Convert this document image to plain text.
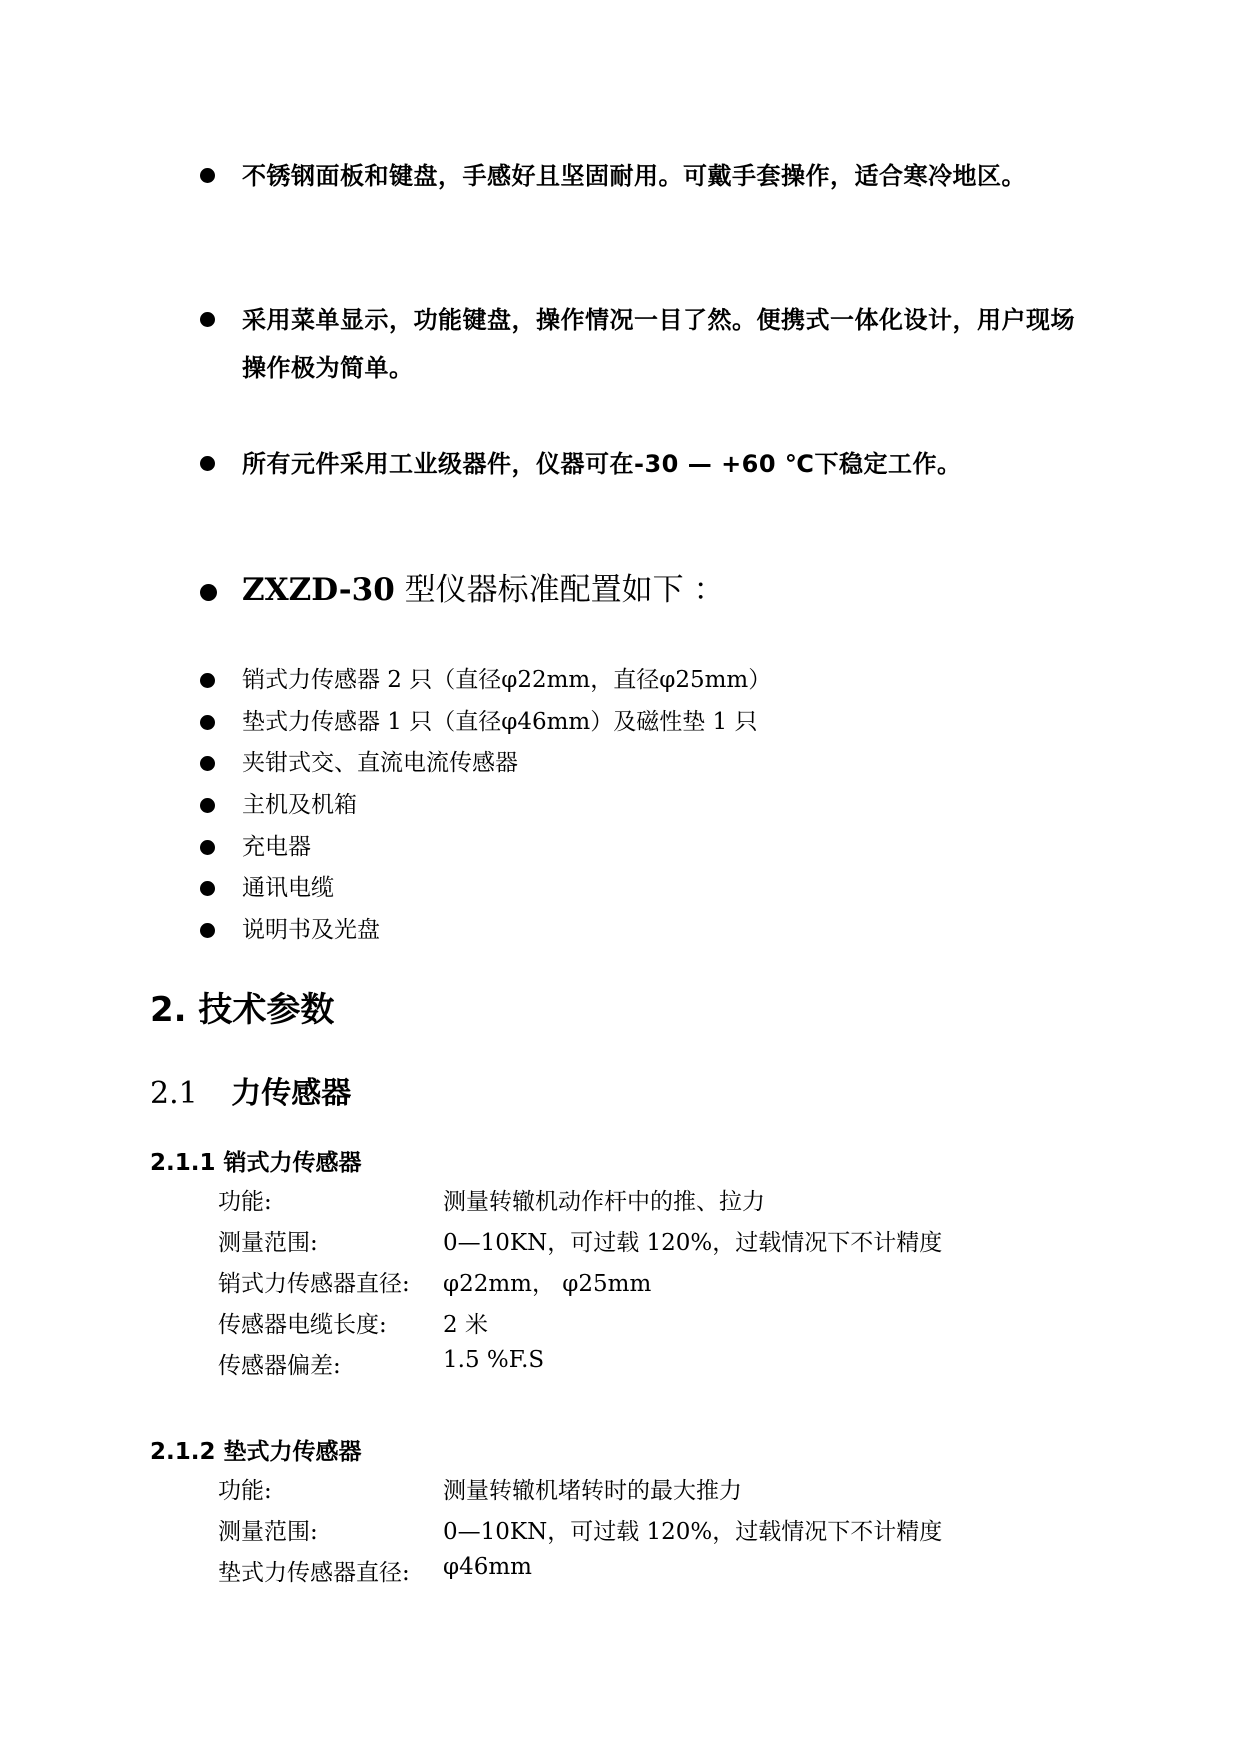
不锈钢面板和键盘，手感好且坚固耐用。可戴手套操作，适合寒冷地区。

采用菜单显示，功能键盘，操作情况一目了然。便携式一体化设计，用户现场

操作极为简单。

所有元件采用工业级器件，仪器可在-30 — +60 ℃下稳定工作。

ZXZD-30 型仪器标准配置如下 ：

销式力传感器 2 只（直径φ22mm，直径φ25mm）

垫式力传感器 1 只（直径φ46mm）及磁性垫 1 只

夹钳式交、直流电流传感器

主机及机箱

充电器

通讯电缆

说明书及光盘

2. 技术参数
2.1 力传感器
2.1.1 销式力传感器
功能:	测量转辙机动作杆中的推、拉力
测量范围:	0—10KN，可过载 120%，过载情况下不计精度
销式力传感器直径: φ22mm， φ25mm
传感器电缆长度: 2 米
传感器偏差:	1.5 %F.S
2.1.2 垫式力传感器
功能:	测量转辙机堵转时的最大推力
测量范围:	0—10KN，可过载 120%，过载情况下不计精度
垫式力传感器直径: φ46mm
